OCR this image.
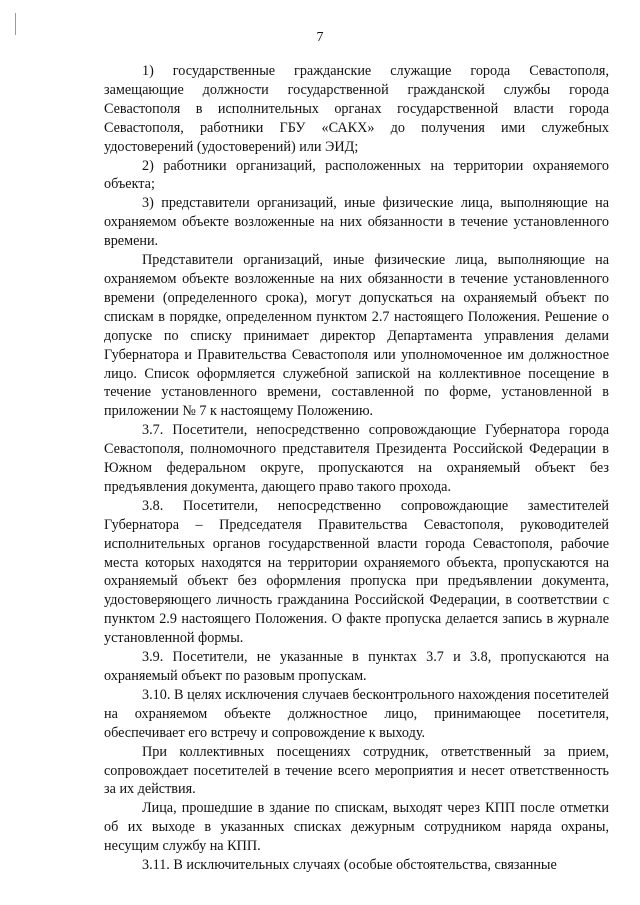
7

1) государственные гражданские служащие города Севастополя, замещающие должности государственной гражданской службы города Севастополя в исполнительных органах государственной власти города Севастополя, работники ГБУ «САКХ» до получения ими служебных удостоверений (удостоверений) или ЭИД;

2) работники организаций, расположенных на территории охраняемого объекта;

3) представители организаций, иные физические лица, выполняющие на охраняемом объекте возложенные на них обязанности в течение установленного времени.

Представители организаций, иные физические лица, выполняющие на охраняемом объекте возложенные на них обязанности в течение установленного времени (определенного срока), могут допускаться на охраняемый объект по спискам в порядке, определенном пунктом 2.7 настоящего Положения. Решение о допуске по списку принимает директор Департамента управления делами Губернатора и Правительства Севастополя или уполномоченное им должностное лицо. Список оформляется служебной запиской на коллективное посещение в течение установленного времени, составленной по форме, установленной в приложении № 7 к настоящему Положению.

3.7. Посетители, непосредственно сопровождающие Губернатора города Севастополя, полномочного представителя Президента Российской Федерации в Южном федеральном округе, пропускаются на охраняемый объект без предъявления документа, дающего право такого прохода.

3.8. Посетители, непосредственно сопровождающие заместителей Губернатора – Председателя Правительства Севастополя, руководителей исполнительных органов государственной власти города Севастополя, рабочие места которых находятся на территории охраняемого объекта, пропускаются на охраняемый объект без оформления пропуска при предъявлении документа, удостоверяющего личность гражданина Российской Федерации, в соответствии с пунктом 2.9 настоящего Положения. О факте пропуска делается запись в журнале установленной формы.

3.9. Посетители, не указанные в пунктах 3.7 и 3.8, пропускаются на охраняемый объект по разовым пропускам.

3.10. В целях исключения случаев бесконтрольного нахождения посетителей на охраняемом объекте должностное лицо, принимающее посетителя, обеспечивает его встречу и сопровождение к выходу.

При коллективных посещениях сотрудник, ответственный за прием, сопровождает посетителей в течение всего мероприятия и несет ответственность за их действия.

Лица, прошедшие в здание по спискам, выходят через КПП после отметки об их выходе в указанных списках дежурным сотрудником наряда охраны, несущим службу на КПП.

3.11. В исключительных случаях (особые обстоятельства, связанные
